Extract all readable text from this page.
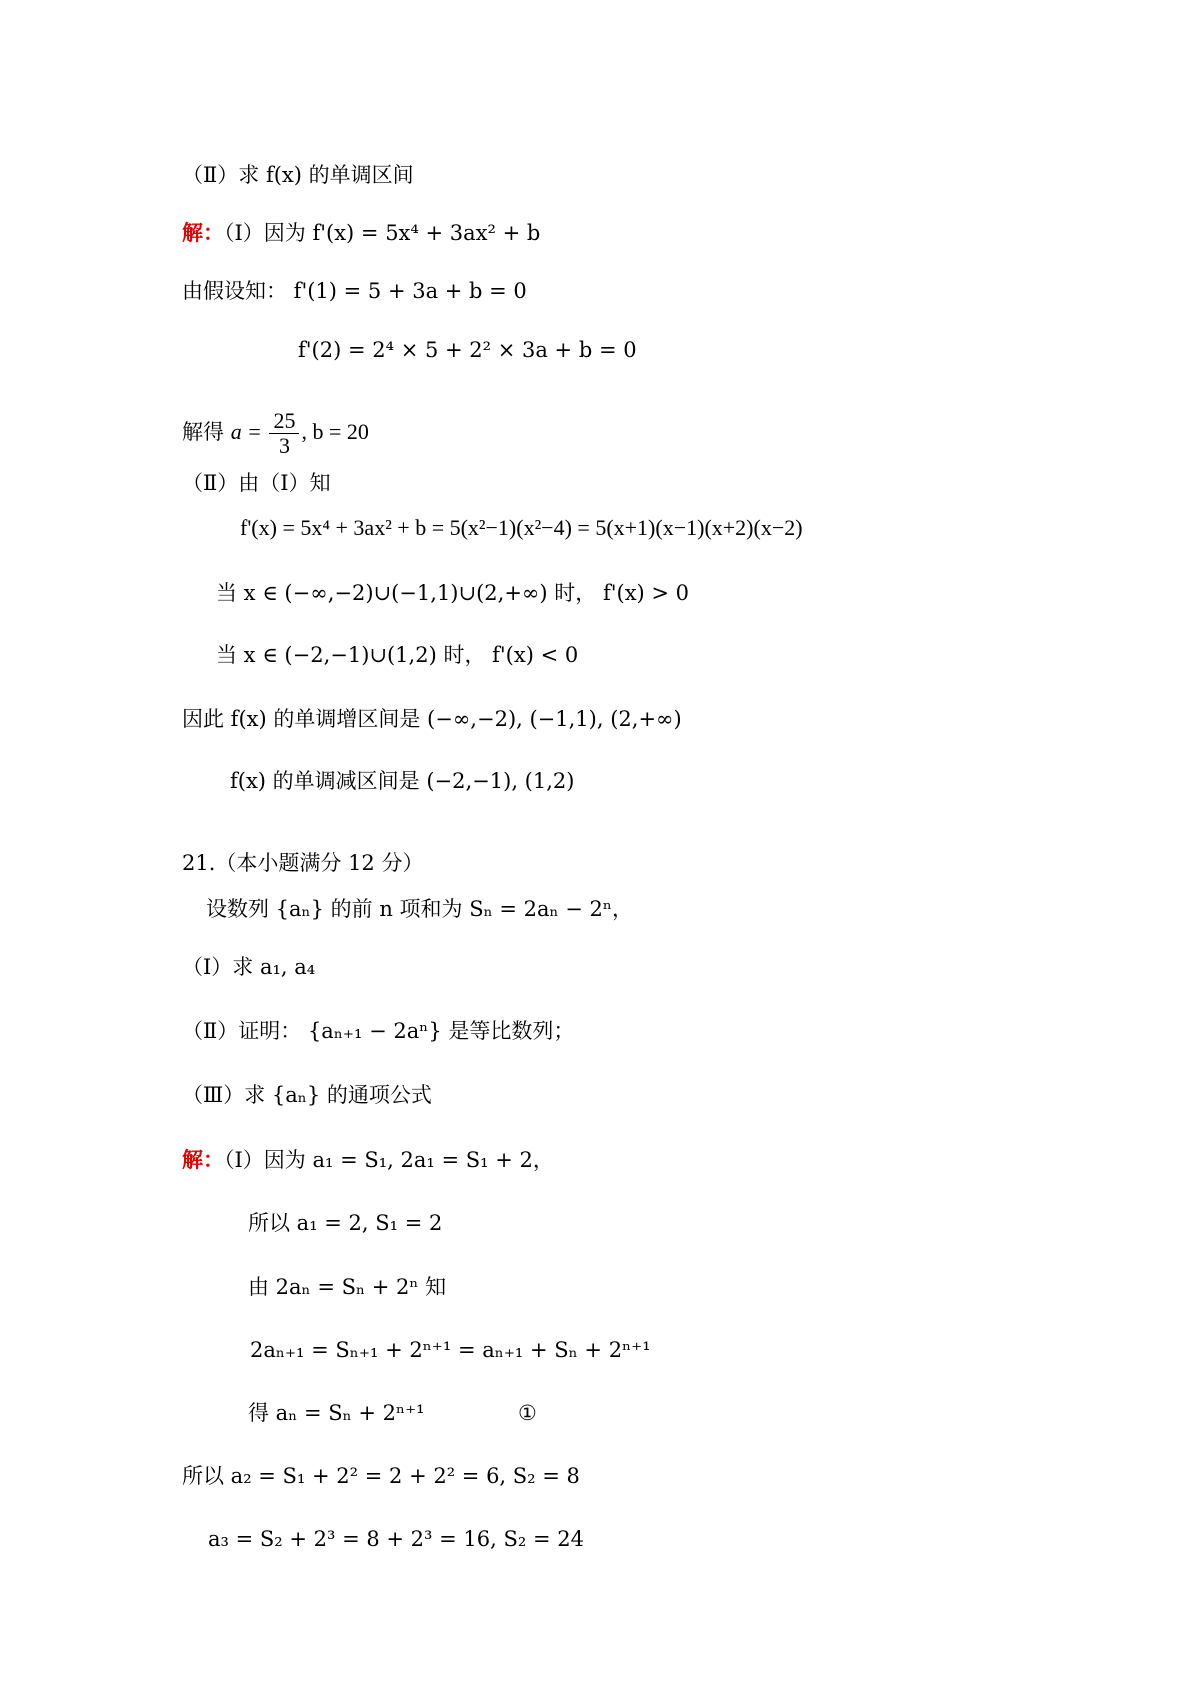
（Ⅱ）求 f(x) 的单调区间
解：（Ⅰ）因为 f'(x) = 5x⁴ + 3ax² + b
由假设知： f'(1) = 5 + 3a + b = 0
f'(2) = 2⁴ × 5 + 2² × 3a + b = 0
解得 $a = \frac{25}{3}$ , b = 20
（Ⅱ）由（Ⅰ）知
f'(x) = 5x⁴ + 3ax² + b = 5(x²−1)(x²−4) = 5(x+1)(x−1)(x+2)(x−2)
当 x ∈ (−∞,−2)∪(−1,1)∪(2,+∞) 时， f'(x) > 0
当 x ∈ (−2,−1)∪(1,2) 时， f'(x) < 0
因此 f(x) 的单调增区间是 (−∞,−2), (−1,1), (2,+∞)
f(x) 的单调减区间是 (−2,−1), (1,2)
21.（本小题满分 12 分）
设数列 {aₙ} 的前 n 项和为 Sₙ = 2aₙ − 2ⁿ，
（Ⅰ）求 a₁, a₄
（Ⅱ）证明： {aₙ₊₁ − 2aⁿ} 是等比数列；
（Ⅲ）求 {aₙ} 的通项公式
解：（Ⅰ）因为 a₁ = S₁, 2a₁ = S₁ + 2，
所以 a₁ = 2, S₁ = 2
由 2aₙ = Sₙ + 2ⁿ 知
2aₙ₊₁ = Sₙ₊₁ + 2ⁿ⁺¹ = aₙ₊₁ + Sₙ + 2ⁿ⁺¹
得 aₙ = Sₙ + 2ⁿ⁺¹	①
所以 a₂ = S₁ + 2² = 2 + 2² = 6, S₂ = 8
a₃ = S₂ + 2³ = 8 + 2³ = 16, S₂ = 24
